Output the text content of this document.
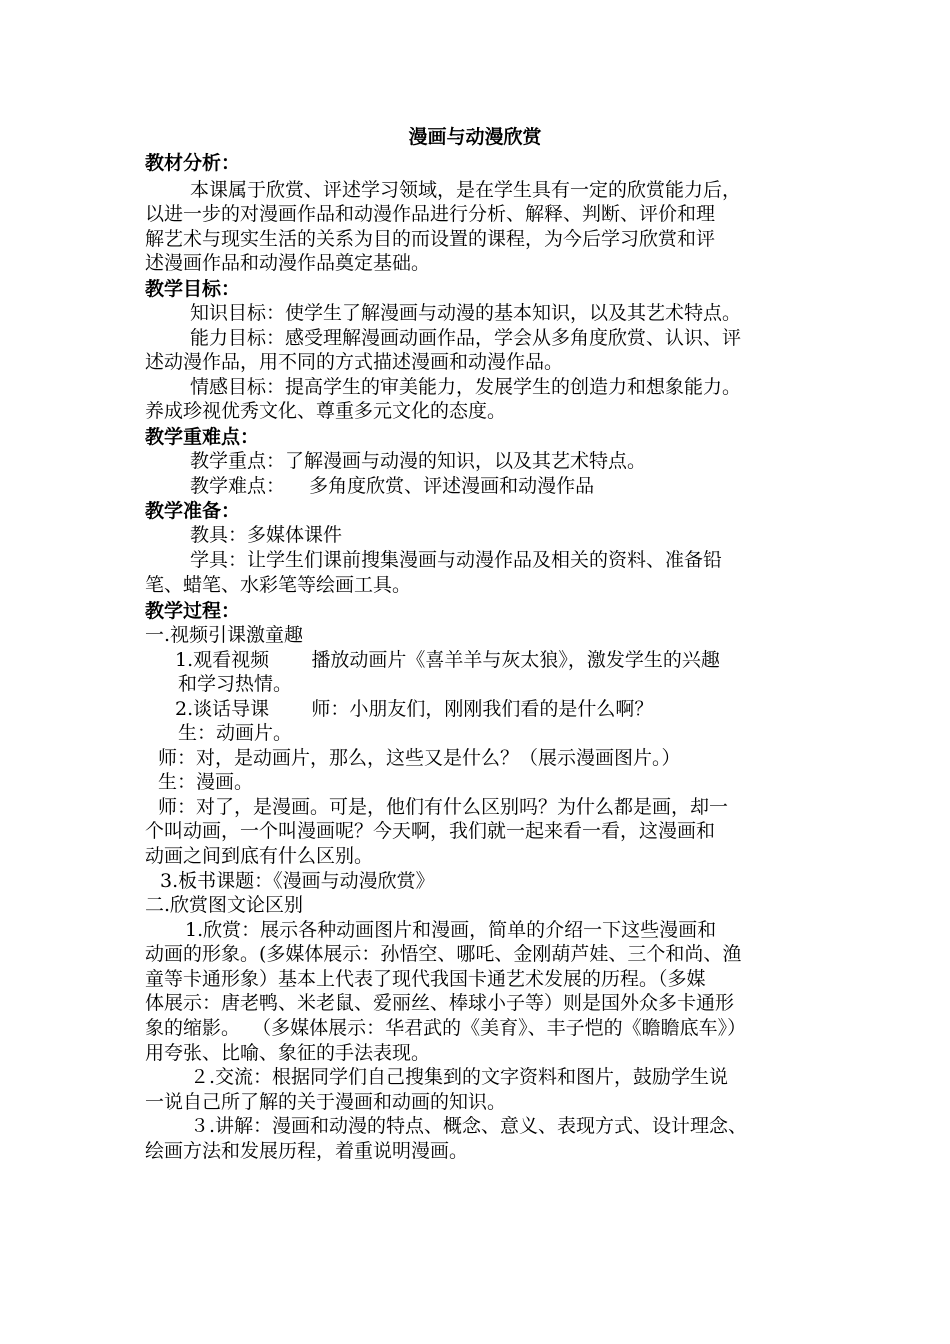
漫画与动漫欣赏
教材分析：
本课属于欣赏、评述学习领域，是在学生具有一定的欣赏能力后，
以进一步的对漫画作品和动漫作品进行分析、解释、判断、评价和理
解艺术与现实生活的关系为目的而设置的课程，为今后学习欣赏和评
述漫画作品和动漫作品奠定基础。
教学目标：
知识目标：使学生了解漫画与动漫的基本知识，以及其艺术特点。
能力目标：感受理解漫画动画作品，学会从多角度欣赏、认识、评
述动漫作品，用不同的方式描述漫画和动漫作品。
情感目标：提高学生的审美能力，发展学生的创造力和想象能力。
养成珍视优秀文化、尊重多元文化的态度。
教学重难点：
教学重点：了解漫画与动漫的知识，以及其艺术特点。
教学难点：    多角度欣赏、评述漫画和动漫作品
教学准备：
教具：多媒体课件
学具：让学生们课前搜集漫画与动漫作品及相关的资料、准备铅
笔、蜡笔、水彩笔等绘画工具。
教学过程：
一.视频引课激童趣
1.观看视频       播放动画片《喜羊羊与灰太狼》，激发学生的兴趣
和学习热情。
2.谈话导课       师：小朋友们，刚刚我们看的是什么啊？
生：动画片。
师：对，是动画片，那么，这些又是什么？（展示漫画图片。）
生：漫画。
师：对了，是漫画。可是，他们有什么区别吗？为什么都是画，却一
个叫动画，一个叫漫画呢？今天啊，我们就一起来看一看，这漫画和
动画之间到底有什么区别。
3.板书课题：《漫画与动漫欣赏》
二.欣赏图文论区别
1.欣赏：展示各种动画图片和漫画，简单的介绍一下这些漫画和
动画的形象。(多媒体展示：孙悟空、哪吒、金刚葫芦娃、三个和尚、渔
童等卡通形象）基本上代表了现代我国卡通艺术发展的历程。（多媒
体展示：唐老鸭、米老鼠、爱丽丝、棒球小子等）则是国外众多卡通形
象的缩影。  （多媒体展示：华君武的《美育》、丰子恺的《瞻瞻底车》）
用夸张、比喻、象征的手法表现。
２.交流：根据同学们自己搜集到的文字资料和图片，鼓励学生说
一说自己所了解的关于漫画和动画的知识。
３.讲解：漫画和动漫的特点、概念、意义、表现方式、设计理念、
绘画方法和发展历程，着重说明漫画。
